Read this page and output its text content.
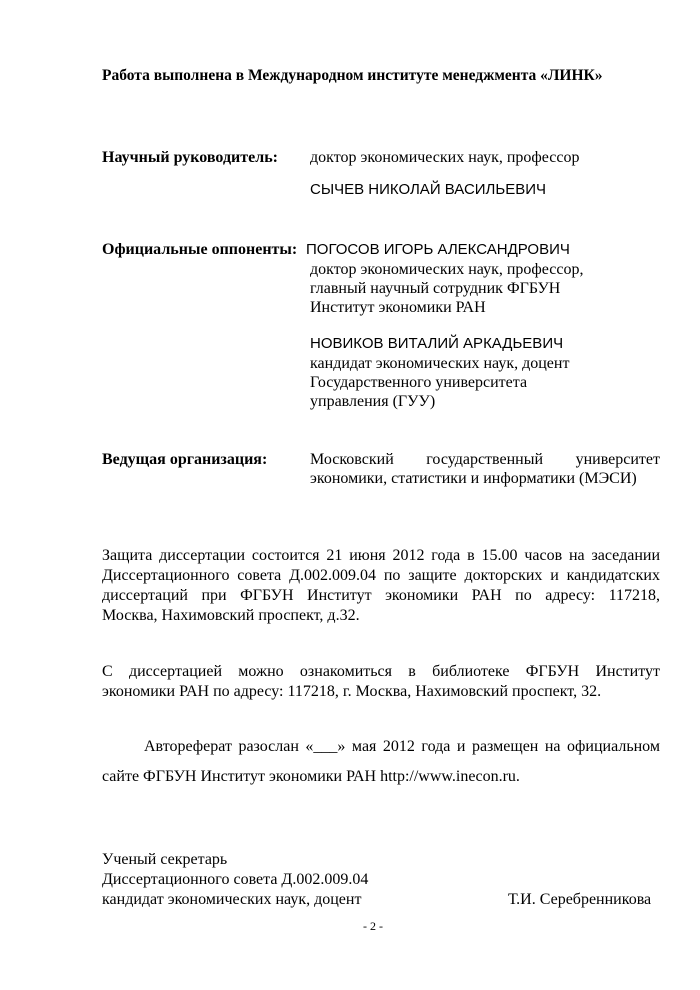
Работа выполнена в Международном институте менеджмента «ЛИНК»
Научный руководитель: доктор экономических наук, профессор
СЫЧЕВ НИКОЛАЙ ВАСИЛЬЕВИЧ
Официальные оппоненты: ПОГОСОВ ИГОРЬ АЛЕКСАНДРОВИЧ
доктор экономических наук, профессор,
главный научный сотрудник ФГБУН
Институт экономики РАН
НОВИКОВ ВИТАЛИЙ АРКАДЬЕВИЧ
кандидат экономических наук, доцент
Государственного университета
управления (ГУУ)
Ведущая организация:	Московский государственный университет
экономики, статистики и информатики (МЭСИ)
Защита диссертации состоится 21 июня 2012 года в 15.00 часов на заседании
Диссертационного совета Д.002.009.04 по защите докторских и кандидатских
диссертаций при ФГБУН Институт экономики РАН по адресу: 117218,
Москва, Нахимовский проспект, д.32.
С диссертацией можно ознакомиться в библиотеке ФГБУН Институт
экономики РАН по адресу: 117218, г. Москва, Нахимовский проспект, 32.
Автореферат разослан «___» мая 2012 года и размещен на официальном
сайте ФГБУН Институт экономики РАН http://www.inecon.ru.
Ученый секретарь
Диссертационного совета Д.002.009.04
кандидат экономических наук, доцент	Т.И. Серебренникова
- 2 -
